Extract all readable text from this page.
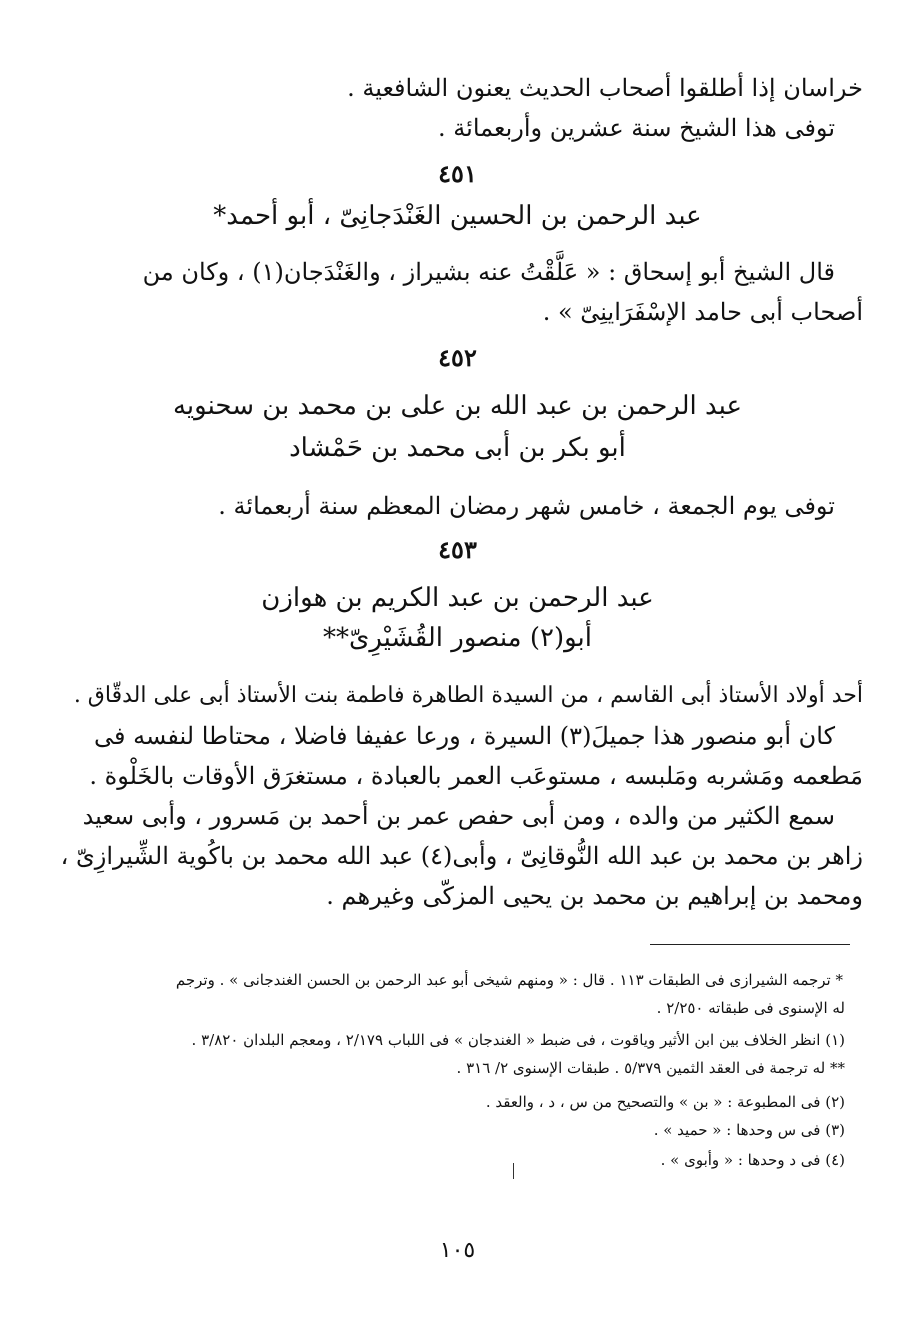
خراسان إذا أطلقوا أصحاب الحديث يعنون الشافعية .
توفى هذا الشيخ سنة عشرين وأربعمائة .
٤٥١
عبد الرحمن بن الحسين الغَنْدَجانِىّ ، أبو أحمد*
قال الشيخ أبو إسحاق : « عَلَّقْتُ عنه بشيراز ، والغَنْدَجان(١) ، وكان من
أصحاب أبى حامد الإسْفَرَاينِىّ » .
٤٥٢
عبد الرحمن بن عبد الله بن على بن محمد بن سحنويه
أبو بكر بن أبى محمد بن حَمْشاد
توفى يوم الجمعة ، خامس شهر رمضان المعظم سنة أربعمائة .
٤٥٣
عبد الرحمن بن عبد الكريم بن هوازن
أبو(٢) منصور القُشَيْرِىّ**
أحد أولاد الأستاذ أبى القاسم ، من السيدة الطاهرة فاطمة بنت الأستاذ أبى على الدقّاق .
كان أبو منصور هذا جميلَ(٣) السيرة ، ورعا عفيفا فاضلا ، محتاطا لنفسه فى
مَطعمه ومَشربه ومَلبسه ، مستوعَب العمر بالعبادة ، مستغرَق الأوقات بالخَلْوة .
سمع الكثير من والده ، ومن أبى حفص عمر بن أحمد بن مَسرور ، وأبى سعيد
زاهر بن محمد بن عبد الله النُّوقانِىّ ، وأبى(٤) عبد الله محمد بن باكُوية الشِّيرازِىّ ،
ومحمد بن إبراهيم بن محمد بن يحيى المزكّى وغيرهم .
* ترجمه الشيرازى فى الطبقات ١١٣ . قال : « ومنهم شيخى أبو عبد الرحمن بن الحسن الغندجانى » . وترجم
له الإسنوى فى طبقاته ٢/٢٥٠ .
(١) انظر الخلاف بين ابن الأثير وياقوت ، فى ضبط « الغندجان » فى اللباب ٢/١٧٩ ، ومعجم البلدان ٣/٨٢٠ .
** له ترجمة فى العقد الثمين ٥/٣٧٩ . طبقات الإسنوى ٢/ ٣١٦ .
(٢) فى المطبوعة : « بن » والتصحيح من س ، د ، والعقد .
(٣) فى س وحدها : « حميد » .
(٤) فى د وحدها : « وأبوى » .
١٠٥
